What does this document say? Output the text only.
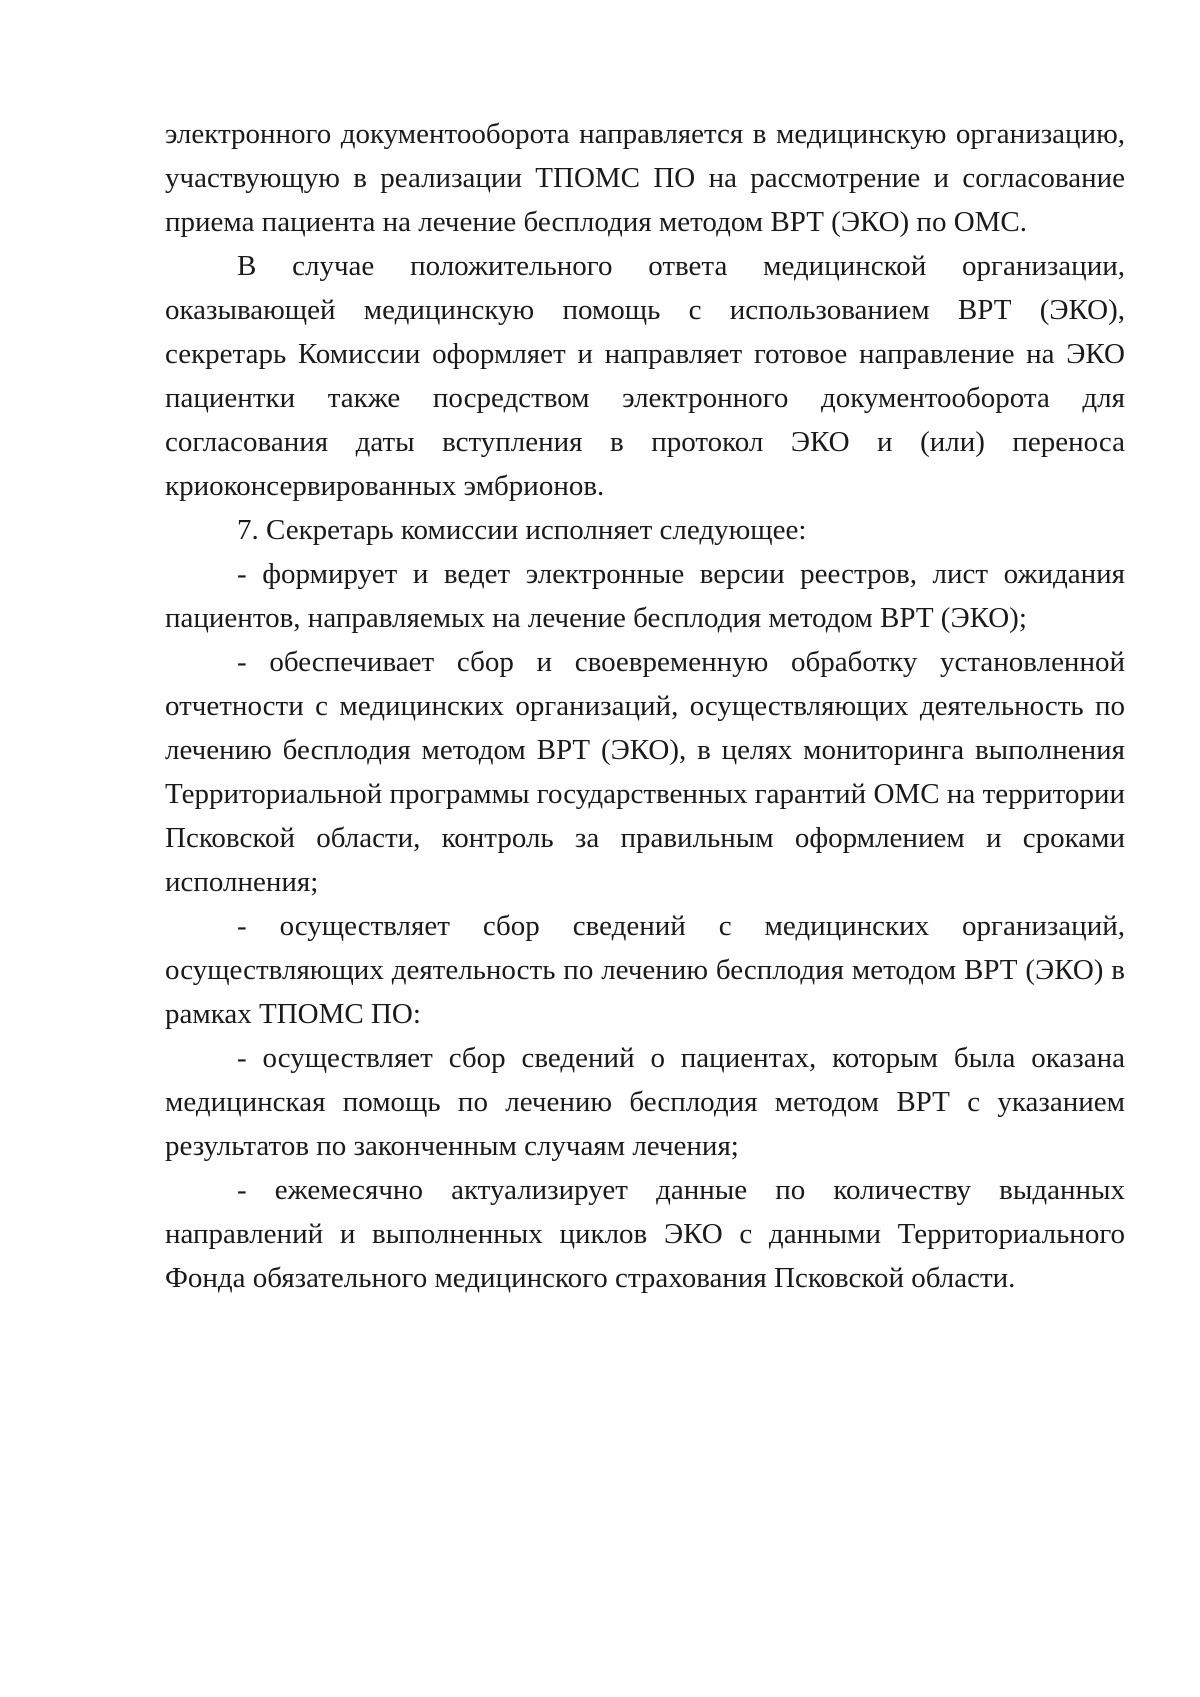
электронного документооборота направляется в медицинскую организацию, участвующую в реализации ТПОМС ПО на рассмотрение и согласование приема пациента на лечение бесплодия методом ВРТ (ЭКО) по ОМС.

В случае положительного ответа медицинской организации, оказывающей медицинскую помощь с использованием ВРТ (ЭКО), секретарь Комиссии оформляет и направляет готовое направление на ЭКО пациентки также посредством электронного документооборота для согласования даты вступления в протокол ЭКО и (или) переноса криоконсервированных эмбрионов.

7. Секретарь комиссии исполняет следующее:

- формирует и ведет электронные версии реестров, лист ожидания пациентов, направляемых на лечение бесплодия методом ВРТ (ЭКО);

- обеспечивает сбор и своевременную обработку установленной отчетности с медицинских организаций, осуществляющих деятельность по лечению бесплодия методом ВРТ (ЭКО), в целях мониторинга выполнения Территориальной программы государственных гарантий ОМС на территории Псковской области, контроль за правильным оформлением и сроками исполнения;

- осуществляет сбор сведений с медицинских организаций, осуществляющих деятельность по лечению бесплодия методом ВРТ (ЭКО) в рамках ТПОМС ПО:

- осуществляет сбор сведений о пациентах, которым была оказана медицинская помощь по лечению бесплодия методом ВРТ с указанием результатов по законченным случаям лечения;

- ежемесячно актуализирует данные по количеству выданных направлений и выполненных циклов ЭКО с данными Территориального Фонда обязательного медицинского страхования Псковской области.
